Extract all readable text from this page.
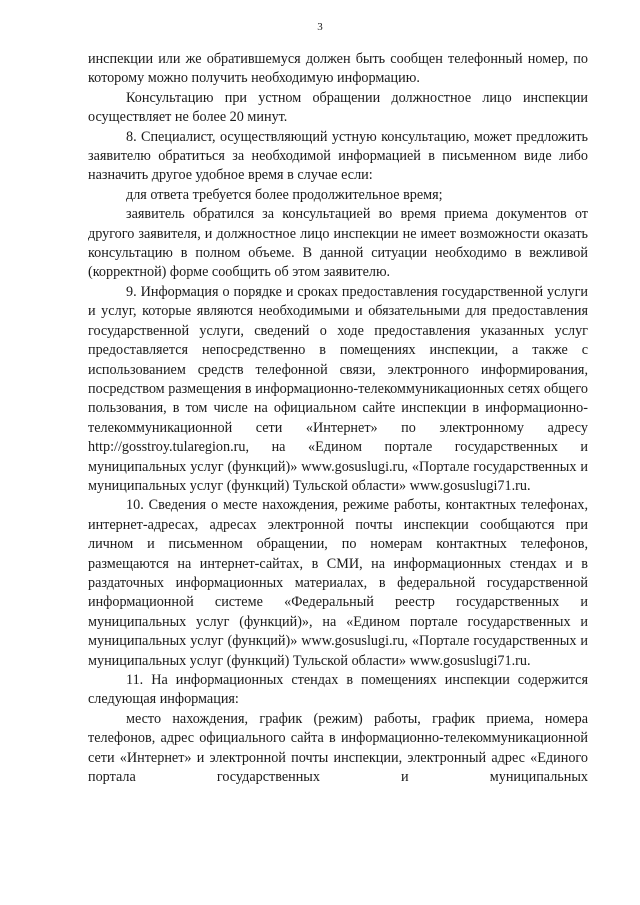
3

инспекции или же обратившемуся должен быть сообщен телефонный номер, по которому можно получить необходимую информацию.

Консультацию при устном обращении должностное лицо инспекции осуществляет не более 20 минут.

8. Специалист, осуществляющий устную консультацию, может предложить заявителю обратиться за необходимой информацией в письменном виде либо назначить другое удобное время в случае если:

для ответа требуется более продолжительное время;

заявитель обратился за консультацией во время приема документов от другого заявителя, и должностное лицо инспекции не имеет возможности оказать консультацию в полном объеме. В данной ситуации необходимо в вежливой (корректной) форме сообщить об этом заявителю.

9. Информация о порядке и сроках предоставления государственной услуги и услуг, которые являются необходимыми и обязательными для предоставления государственной услуги, сведений о ходе предоставления указанных услуг предоставляется непосредственно в помещениях инспекции, а также с использованием средств телефонной связи, электронного информирования, посредством размещения в информационно-телекоммуникационных сетях общего пользования, в том числе на официальном сайте инспекции в информационно-телекоммуникационной сети «Интернет» по электронному адресу http://gosstroy.tularegion.ru, на «Едином портале государственных и муниципальных услуг (функций)» www.gosuslugi.ru, «Портале государственных и муниципальных услуг (функций) Тульской области» www.gosuslugi71.ru.

10. Сведения о месте нахождения, режиме работы, контактных телефонах, интернет-адресах, адресах электронной почты инспекции сообщаются при личном и письменном обращении, по номерам контактных телефонов, размещаются на интернет-сайтах, в СМИ, на информационных стендах и в раздаточных информационных материалах, в федеральной государственной информационной системе «Федеральный реестр государственных и муниципальных услуг (функций)», на «Едином портале государственных и муниципальных услуг (функций)» www.gosuslugi.ru, «Портале государственных и муниципальных услуг (функций) Тульской области» www.gosuslugi71.ru.

11. На информационных стендах в помещениях инспекции содержится следующая информация:

место нахождения, график (режим) работы, график приема, номера телефонов, адрес официального сайта в информационно-телекоммуникационной сети «Интернет» и электронной почты инспекции, электронный адрес «Единого портала государственных и муниципальных
